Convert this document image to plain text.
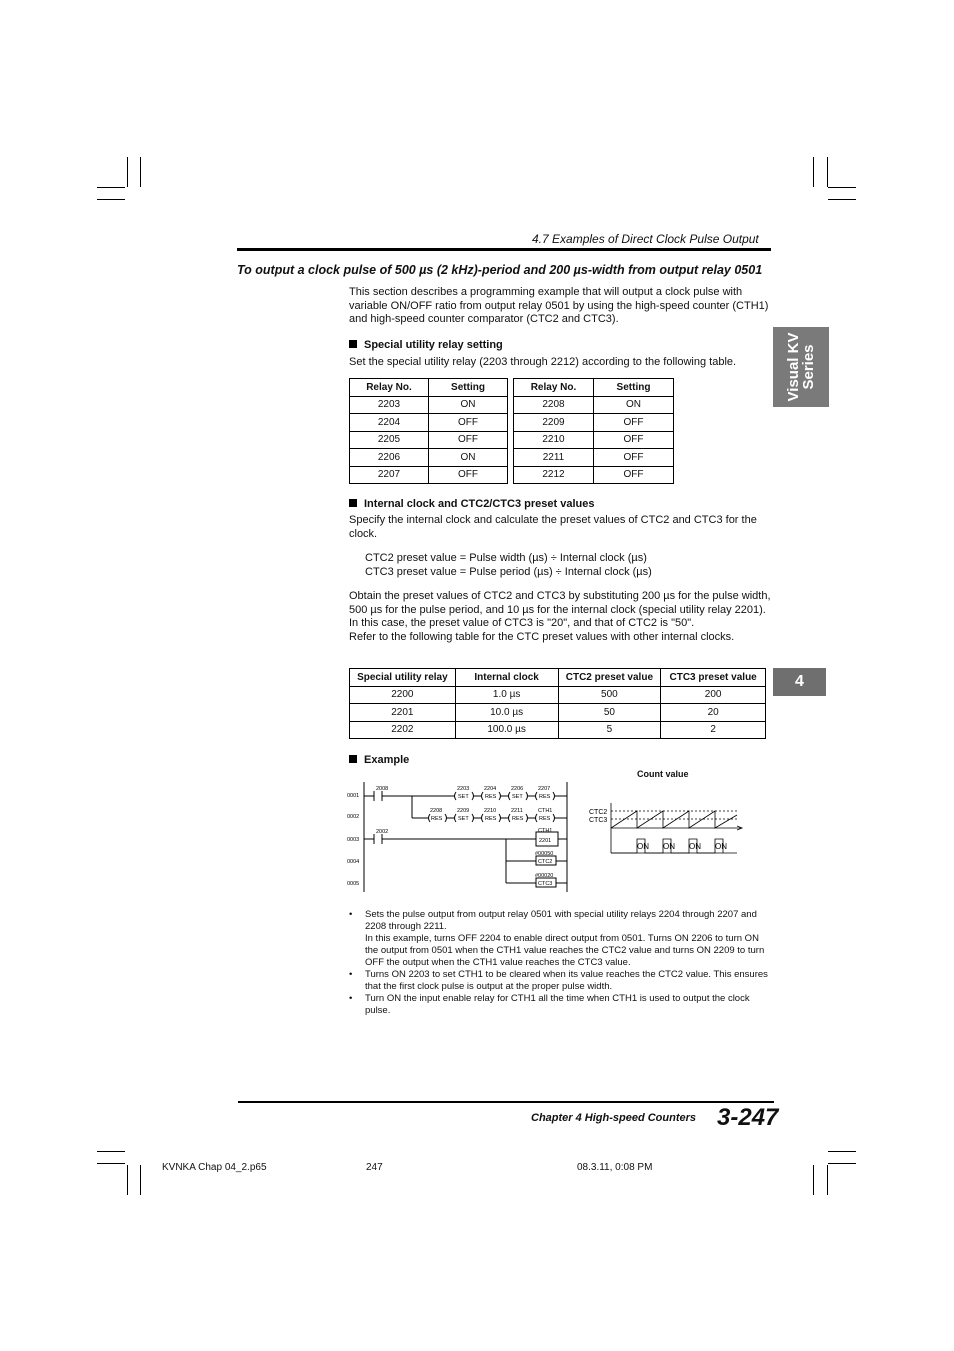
4.7 Examples of Direct Clock Pulse Output
To output a clock pulse of 500 µs (2 kHz)-period and 200 µs-width from output relay 0501
Visual KV
Series
4

This section describes a programming example that will output a clock pulse with variable ON/OFF ratio from output relay 0501 by using the high-speed counter (CTH1) and high-speed counter comparator (CTC2 and CTC3).

Special utility relay setting

Set the special utility relay (2203 through 2212) according to the following table.

Relay No.	Setting		Relay No.	Setting
2203	ON		2208	ON
2204	OFF		2209	OFF
2205	OFF		2210	OFF
2206	ON		2211	OFF
2207	OFF		2212	OFF
Internal clock and CTC2/CTC3 preset values

Specify the internal clock and calculate the preset values of CTC2 and CTC3 for the clock.

CTC2 preset value = Pulse width (µs) ÷ Internal clock (µs)

CTC3 preset value = Pulse period (µs) ÷ Internal clock (µs)

Obtain the preset values of CTC2 and CTC3 by substituting 200 µs for the pulse width, 500 µs for the pulse period, and 10 µs for the internal clock (special utility relay 2201).

In this case, the preset value of CTC3 is "20", and that of CTC2 is "50".

Refer to the following table for the CTC preset values with other internal clocks.

Special utility relay	Internal clock	CTC2 preset value	CTC3 preset value
2200	1.0 µs	500	200
2201	10.0 µs	50	20
2202	100.0 µs	5	2
Example
Count value
0001
0002
0003
0004
0005
2008	2203
SET
2204
RES
2206
SET
2207
RES
2208
RES
2209
SET
2210
RES
2211
RES
CTH1
RES
2002	CTH1
2201
#00050
CTC2
#00020
CTC3
CTC2
CTC3
ON ON ON ON
• Sets the pulse output from output relay 0501 with special utility relays 2204 through 2207 and 2208 through 2211.
In this example, turns OFF 2204 to enable direct output from 0501. Turns ON 2206 to turn ON the output from 0501 when the CTH1 value reaches the CTC2 value and turns ON 2209 to turn OFF the output when the CTH1 value reaches the CTC3 value.
• Turns ON 2203 to set CTH1 to be cleared when its value reaches the CTC2 value. This ensures that the first clock pulse is output at the proper pulse width.
• Turn ON the input enable relay for CTH1 all the time when CTH1 is used to output the clock pulse.
Chapter 4 High-speed Counters 3-247
KVNKA Chap 04_2.p65	247	08.3.11, 0:08 PM
